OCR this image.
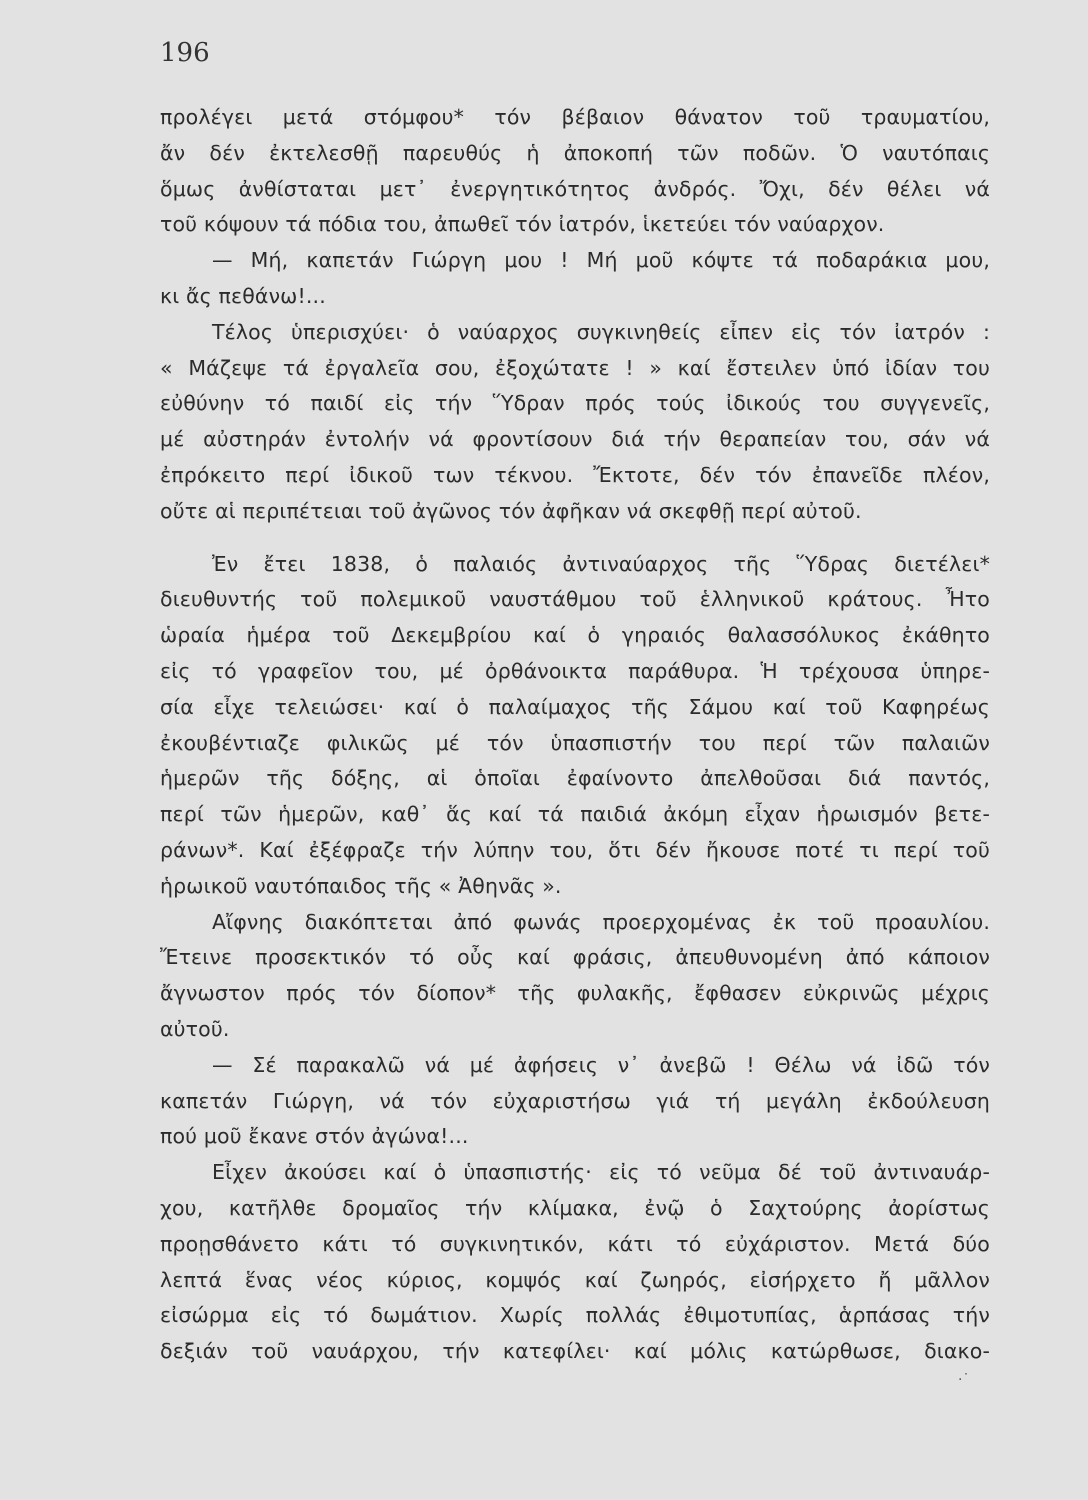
196
προλέγει μετά στόμφου* τόν βέβαιον θάνατον τοῦ τραυματίου,
ἄν δέν ἐκτελεσθῇ παρευθύς ἡ ἀποκοπή τῶν ποδῶν. Ὁ ναυτόπαις
ὅμως ἀνθίσταται μετ᾽ ἐνεργητικότητος ἀνδρός. Ὄχι, δέν θέλει νά
τοῦ κόψουν τά πόδια του, ἀπωθεῖ τόν ἰατρόν, ἱκετεύει τόν ναύαρχον.
— Μή, καπετάν Γιώργη μου ! Μή μοῦ κόψτε τά ποδαράκια μου,
κι ἄς πεθάνω!...
Τέλος ὑπερισχύει· ὁ ναύαρχος συγκινηθείς εἶπεν εἰς τόν ἰατρόν :
« Μάζεψε τά ἐργαλεῖα σου, ἐξοχώτατε ! » καί ἔστειλεν ὑπό ἰδίαν του
εὐθύνην τό παιδί εἰς τήν Ὕδραν πρός τούς ἰδικούς του συγγενεῖς,
μέ αὐστηράν ἐντολήν νά φροντίσουν διά τήν θεραπείαν του, σάν νά
ἐπρόκειτο περί ἰδικοῦ των τέκνου. Ἔκτοτε, δέν τόν ἐπανεῖδε πλέον,
οὔτε αἱ περιπέτειαι τοῦ ἀγῶνος τόν ἀφῆκαν νά σκεφθῇ περί αὐτοῦ.
Ἐν ἔτει 1838, ὁ παλαιός ἀντιναύαρχος τῆς Ὕδρας διετέλει*
διευθυντής τοῦ πολεμικοῦ ναυστάθμου τοῦ ἑλληνικοῦ κράτους. Ἦτο
ὡραία ἡμέρα τοῦ Δεκεμβρίου καί ὁ γηραιός θαλασσόλυκος ἐκάθητο
εἰς τό γραφεῖον του, μέ ὀρθάνοικτα παράθυρα. Ἡ τρέχουσα ὑπηρε-
σία εἶχε τελειώσει· καί ὁ παλαίμαχος τῆς Σάμου καί τοῦ Καφηρέως
ἐκουβέντιαζε φιλικῶς μέ τόν ὑπασπιστήν του περί τῶν παλαιῶν
ἡμερῶν τῆς δόξης, αἱ ὁποῖαι ἐφαίνοντο ἀπελθοῦσαι διά παντός,
περί τῶν ἡμερῶν, καθ᾽ ἅς καί τά παιδιά ἀκόμη εἶχαν ἡρωισμόν βετε-
ράνων*. Καί ἐξέφραζε τήν λύπην του, ὅτι δέν ἤκουσε ποτέ τι περί τοῦ
ἡρωικοῦ ναυτόπαιδος τῆς « Ἀθηνᾶς ».
Αἴφνης διακόπτεται ἀπό φωνάς προερχομένας ἐκ τοῦ προαυλίου.
Ἔτεινε προσεκτικόν τό οὖς καί φράσις, ἀπευθυνομένη ἀπό κάποιον
ἄγνωστον πρός τόν δίοπον* τῆς φυλακῆς, ἔφθασεν εὐκρινῶς μέχρις
αὐτοῦ.
— Σέ παρακαλῶ νά μέ ἀφήσεις ν᾽ ἀνεβῶ ! Θέλω νά ἰδῶ τόν
καπετάν Γιώργη, νά τόν εὐχαριστήσω γιά τή μεγάλη ἐκδούλευση
πού μοῦ ἔκανε στόν ἀγώνα!...
Εἶχεν ἀκούσει καί ὁ ὑπασπιστής· εἰς τό νεῦμα δέ τοῦ ἀντιναυάρ-
χου, κατῆλθε δρομαῖος τήν κλίμακα, ἐνῷ ὁ Σαχτούρης ἀορίστως
προῃσθάνετο κάτι τό συγκινητικόν, κάτι τό εὐχάριστον. Μετά δύο
λεπτά ἕνας νέος κύριος, κομψός καί ζωηρός, εἰσήρχετο ἤ μᾶλλον
εἰσώρμα εἰς τό δωμάτιον. Χωρίς πολλάς ἐθιμοτυπίας, ἁρπάσας τήν
δεξιάν τοῦ ναυάρχου, τήν κατεφίλει· καί μόλις κατώρθωσε, διακο-
·˙
